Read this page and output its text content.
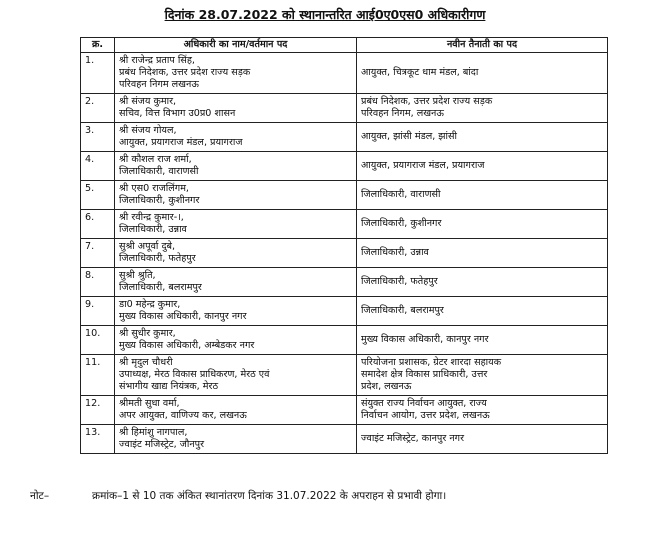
दिनांक 28.07.2022 को स्थानान्तरित आई0ए0एस0 अधिकारीगण
क्र.	अधिकारी का नाम/वर्तमान पद	नवीन तैनाती का पद
1.	श्री राजेन्द्र प्रताप सिंह,
प्रबंध निदेशक, उत्तर प्रदेश राज्य सड़क
परिवहन निगम लखनऊ	आयुक्त, चित्रकूट धाम मंडल, बांदा

2.	श्री संजय कुमार,
सचिव, वित्त विभाग उ0प्र0 शासन	प्रबंध निदेशक, उत्तर प्रदेश राज्य सड़क
परिवहन निगम, लखनऊ

3.	श्री संजय गोयल,
आयुक्त, प्रयागराज मंडल, प्रयागराज	आयुक्त, झांसी मंडल, झांसी

4.	श्री कौशल राज शर्मा,
जिलाधिकारी, वाराणसी	आयुक्त, प्रयागराज मंडल, प्रयागराज

5.	श्री एस0 राजलिंगम,
जिलाधिकारी, कुशीनगर	जिलाधिकारी, वाराणसी

6.	श्री रवीन्द्र कुमार-।,
जिलाधिकारी, उन्नाव	जिलाधिकारी, कुशीनगर

7.	सुश्री अपूर्वा दुबे,
जिलाधिकारी, फतेहपुर	जिलाधिकारी, उन्नाव

8.	सुश्री श्रुति,
जिलाधिकारी, बलरामपुर	जिलाधिकारी, फतेहपुर

9.	डा0 महेन्द्र कुमार,
मुख्य विकास अधिकारी, कानपुर नगर	जिलाधिकारी, बलरामपुर

10.	श्री सुधीर कुमार,
मुख्य विकास अधिकारी, अम्बेडकर नगर	मुख्य विकास अधिकारी, कानपुर नगर

11.	श्री मृदुल चौधरी
उपाध्यक्ष, मेरठ विकास प्राधिकरण, मेरठ एवं
संभागीय खाद्य नियंत्रक, मेरठ	परियोजना प्रशासक, ग्रेटर शारदा सहायक
समादेश क्षेत्र विकास प्राधिकारी, उत्तर
प्रदेश, लखनऊ

12.	श्रीमती सुधा वर्मा,
अपर आयुक्त, वाणिज्य कर, लखनऊ	संयुक्त राज्य निर्वाचन आयुक्त, राज्य
निर्वाचन आयोग, उत्तर प्रदेश, लखनऊ

13.	श्री हिमांशु नागपाल,
ज्वाइंट मजिस्ट्रेट, जौनपुर	ज्वाइंट मजिस्ट्रेट, कानपुर नगर
नोट–	क्रमांक–1 से 10 तक अंकित स्थानांतरण दिनांक 31.07.2022 के अपराहन से प्रभावी होगा।
